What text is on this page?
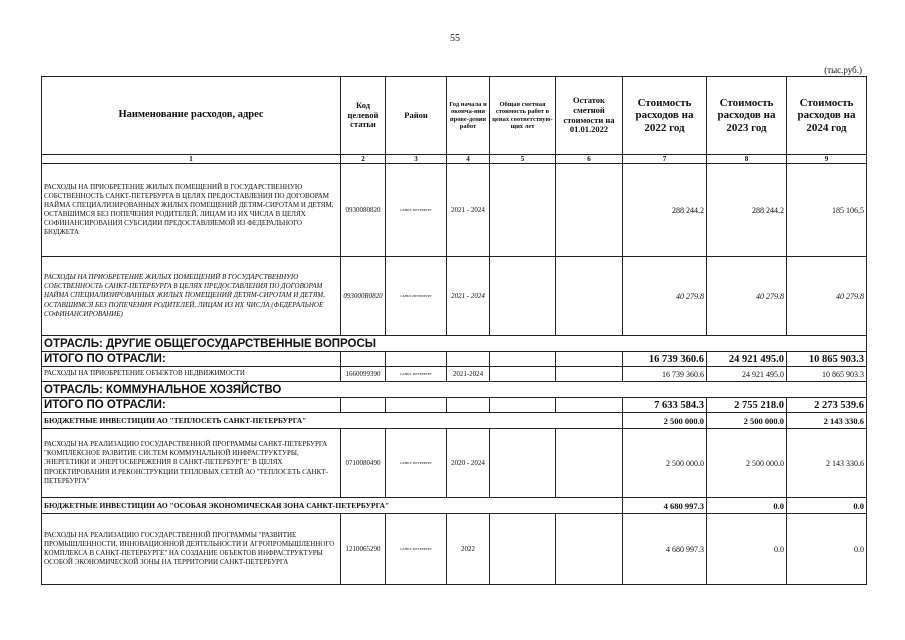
55
(тыс.руб.)
Наименование расходов, адрес	Код целевой статьи	Район	Год начала и оконча-ния прове-дения работ	Общая сметная стоимость работ в ценах соответствую-щих лет	Остаток сметной стоимости на 01.01.2022	Стоимость расходов на 2022 год	Стоимость расходов на 2023 год	Стоимость расходов на 2024 год
1	2	3	4	5	6	7	8	9
РАСХОДЫ НА ПРИОБРЕТЕНИЕ ЖИЛЫХ ПОМЕЩЕНИЙ В ГОСУДАРСТВЕННУЮ СОБСТВЕННОСТЬ САНКТ-ПЕТЕРБУРГА В ЦЕЛЯХ ПРЕДОСТАВЛЕНИЯ ПО ДОГОВОРАМ НАЙМА СПЕЦИАЛИЗИРОВАННЫХ ЖИЛЫХ ПОМЕЩЕНИЙ ДЕТЯМ-СИРОТАМ И ДЕТЯМ, ОСТАВШИМСЯ БЕЗ ПОПЕЧЕНИЯ РОДИТЕЛЕЙ, ЛИЦАМ ИЗ ИХ ЧИСЛА В ЦЕЛЯХ СОФИНАНСИРОВАНИЯ СУБСИДИИ ПРЕДОСТАВЛЯЕМОЙ ИЗ ФЕДЕРАЛЬНОГО БЮДЖЕТА	0930080820	САНКТ-ПЕТЕРБУРГ	2021 - 2024			288 244.2	288 244.2	185 106.5
РАСХОДЫ НА ПРИОБРЕТЕНИЕ ЖИЛЫХ ПОМЕЩЕНИЙ В ГОСУДАРСТВЕННУЮ СОБСТВЕННОСТЬ САНКТ-ПЕТЕРБУРГА В ЦЕЛЯХ ПРЕДОСТАВЛЕНИЯ ПО ДОГОВОРАМ НАЙМА СПЕЦИАЛИЗИРОВАННЫХ ЖИЛЫХ ПОМЕЩЕНИЙ ДЕТЯМ-СИРОТАМ И ДЕТЯМ, ОСТАВШИМСЯ БЕЗ ПОПЕЧЕНИЯ РОДИТЕЛЕЙ, ЛИЦАМ ИЗ ИХ ЧИСЛА (ФЕДЕРАЛЬНОЕ СОФИНАНСИРОВАНИЕ)	093000R0820	САНКТ-ПЕТЕРБУРГ	2021 - 2024			40 279.8	40 279.8	40 279.8
ОТРАСЛЬ: ДРУГИЕ ОБЩЕГОСУДАРСТВЕННЫЕ ВОПРОСЫ								
ИТОГО ПО ОТРАСЛИ:						16 739 360.6	24 921 495.0	10 865 903.3
РАСХОДЫ НА ПРИОБРЕТЕНИЕ ОБЪЕКТОВ НЕДВИЖИМОСТИ	1660099390	САНКТ-ПЕТЕРБУРГ	2021-2024			16 739 360.6	24 921 495.0	10 865 903.3
ОТРАСЛЬ: КОММУНАЛЬНОЕ ХОЗЯЙСТВО								
ИТОГО ПО ОТРАСЛИ:						7 633 584.3	2 755 218.0	2 273 539.6
БЮДЖЕТНЫЕ ИНВЕСТИЦИИ АО "ТЕПЛОСЕТЬ САНКТ-ПЕТЕРБУРГА"						2 500 000.0	2 500 000.0	2 143 330.6
РАСХОДЫ НА РЕАЛИЗАЦИЮ ГОСУДАРСТВЕННОЙ ПРОГРАММЫ САНКТ-ПЕТЕРБУРГА "КОМПЛЕКСНОЕ РАЗВИТИЕ СИСТЕМ КОММУНАЛЬНОЙ ИНФРАСТРУКТУРЫ, ЭНЕРГЕТИКИ И ЭНЕРГОСБЕРЕЖЕНИЯ В САНКТ-ПЕТЕРБУРГЕ" В ЦЕЛЯХ ПРОЕКТИРОВАНИЯ И РЕКОНСТРУКЦИИ ТЕПЛОВЫХ СЕТЕЙ АО "ТЕПЛОСЕТЬ САНКТ-ПЕТЕРБУРГА"	0710080490	САНКТ-ПЕТЕРБУРГ	2020 - 2024			2 500 000.0	2 500 000.0	2 143 330.6
БЮДЖЕТНЫЕ ИНВЕСТИЦИИ АО "ОСОБАЯ ЭКОНОМИЧЕСКАЯ ЗОНА САНКТ-ПЕТЕРБУРГА"						4 680 997.3	0.0	0.0
РАСХОДЫ НА РЕАЛИЗАЦИЮ ГОСУДАРСТВЕННОЙ ПРОГРАММЫ "РАЗВИТИЕ ПРОМЫШЛЕННОСТИ, ИННОВАЦИОННОЙ ДЕЯТЕЛЬНОСТИ И АГРОПРОМЫШЛЕННОГО КОМПЛЕКСА В САНКТ-ПЕТЕРБУРГЕ" НА СОЗДАНИЕ ОБЪЕКТОВ ИНФРАСТРУКТУРЫ ОСОБОЙ ЭКОНОМИЧЕСКОЙ ЗОНЫ НА ТЕРРИТОРИИ САНКТ-ПЕТЕРБУРГА	1210065290	САНКТ-ПЕТЕРБУРГ	2022			4 680 997.3	0.0	0.0
